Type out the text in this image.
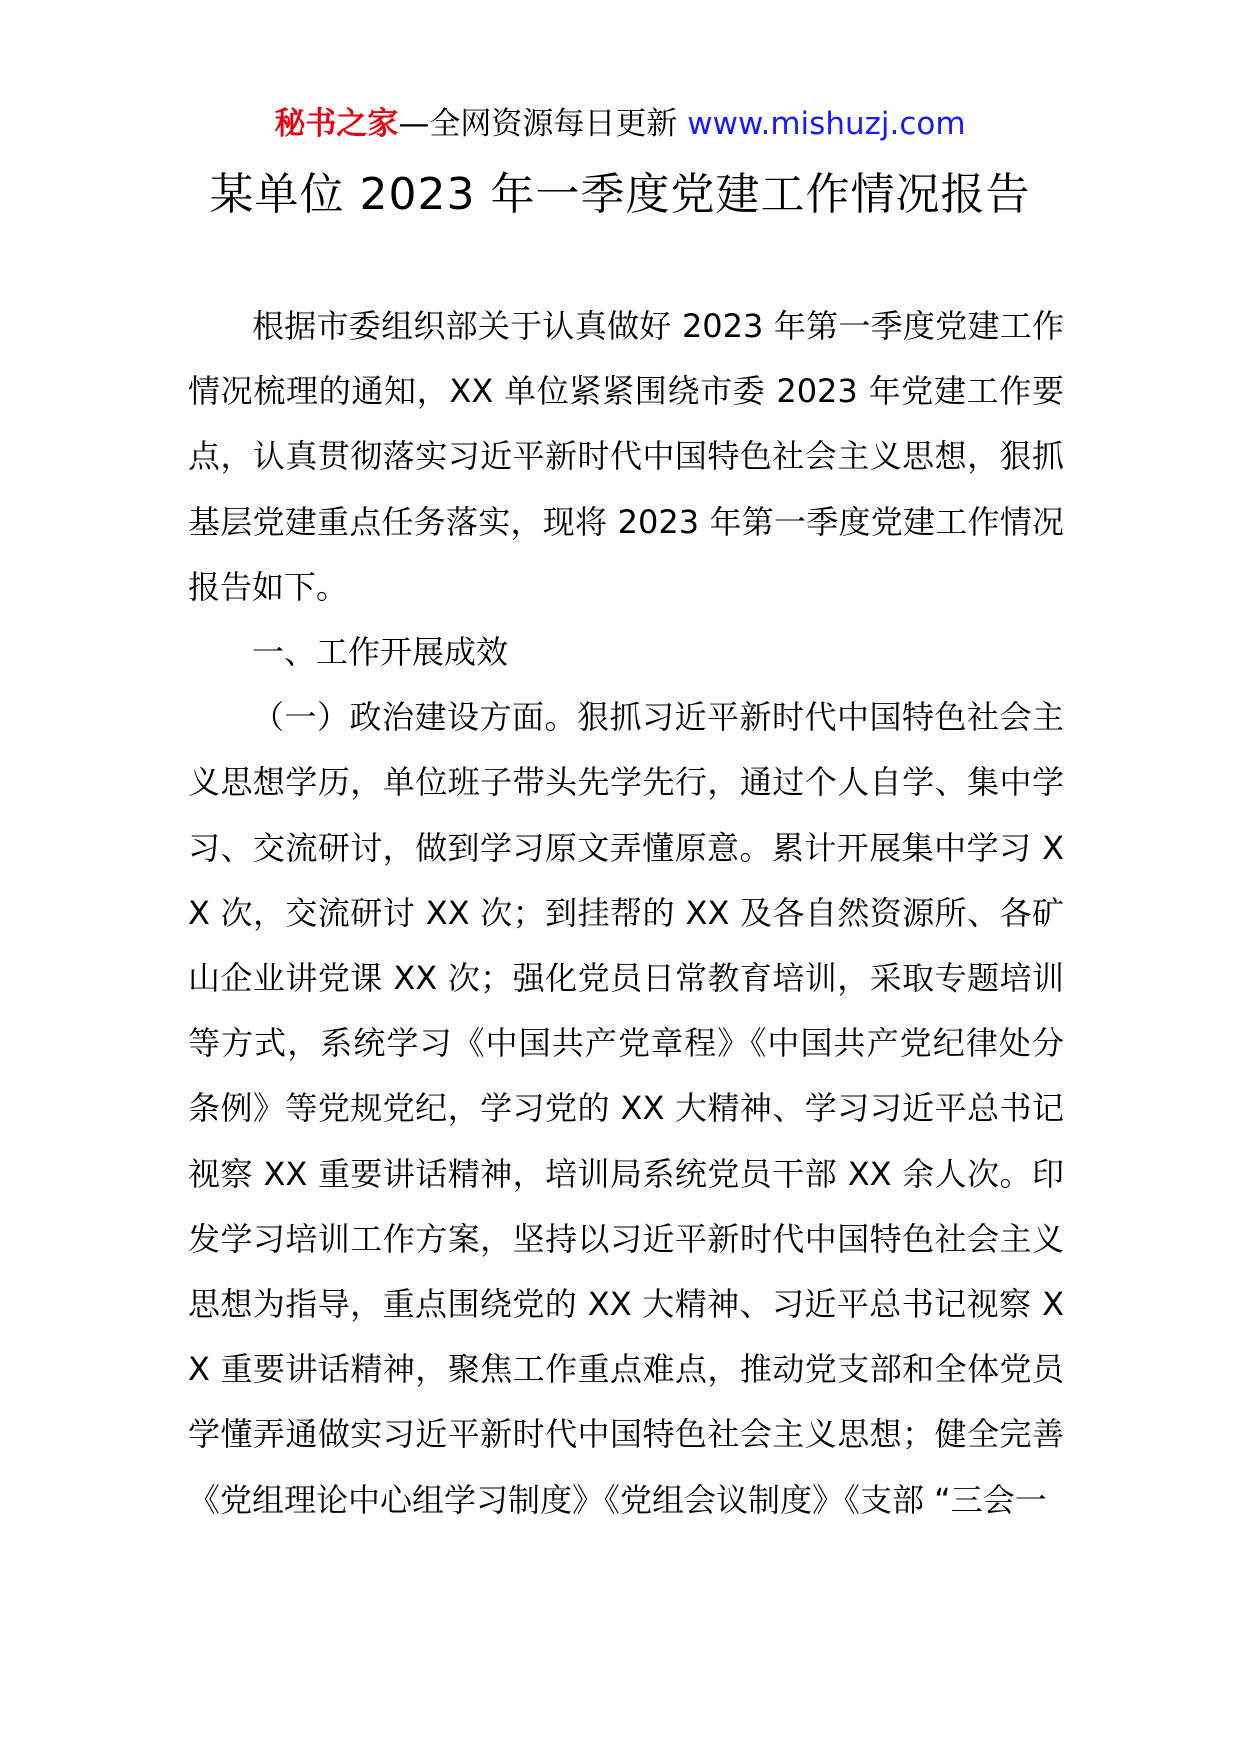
秘书之家—全网资源每日更新 www.mishuzj.com
某单位 2023 年一季度党建工作情况报告

根据市委组织部关于认真做好 2023 年第一季度党建工作情况梳理的通知，XX 单位紧紧围绕市委 2023 年党建工作要点，认真贯彻落实习近平新时代中国特色社会主义思想，狠抓基层党建重点任务落实，现将 2023 年第一季度党建工作情况报告如下。

一、工作开展成效

（一）政治建设方面。狠抓习近平新时代中国特色社会主义思想学历，单位班子带头先学先行，通过个人自学、集中学习、交流研讨，做到学习原文弄懂原意。累计开展集中学习 XX 次，交流研讨 XX 次；到挂帮的 XX 及各自然资源所、各矿山企业讲党课 XX 次；强化党员日常教育培训，采取专题培训等方式，系统学习《中国共产党章程》《中国共产党纪律处分条例》等党规党纪，学习党的 XX 大精神、学习习近平总书记视察 XX 重要讲话精神，培训局系统党员干部 XX 余人次。印发学习培训工作方案，坚持以习近平新时代中国特色社会主义思想为指导，重点围绕党的 XX 大精神、习近平总书记视察 XX 重要讲话精神，聚焦工作重点难点，推动党支部和全体党员学懂弄通做实习近平新时代中国特色社会主义思想；健全完善《党组理论中心组学习制度》《党组会议制度》《支部 “三会一
